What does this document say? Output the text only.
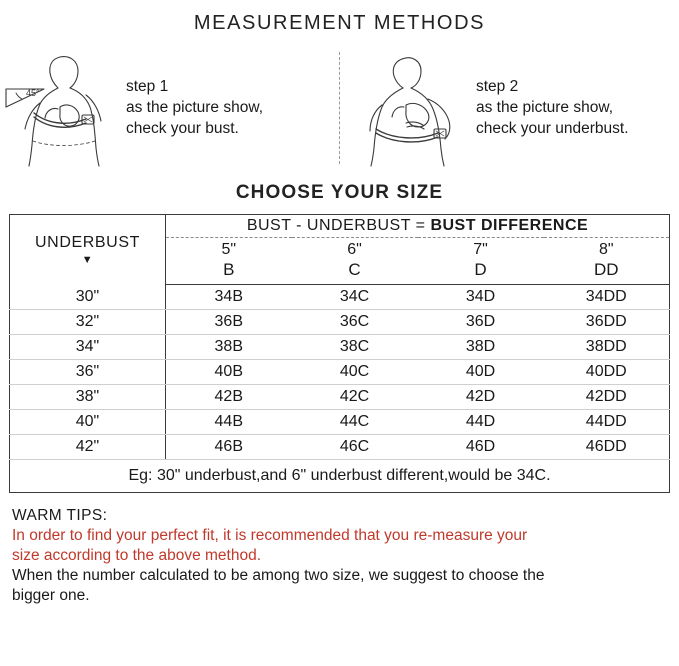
MEASUREMENT METHODS
45°	step 1
as the picture show,
check your bust.
step 2
as the picture show,
check your underbust.
CHOOSE YOUR SIZE
UNDERBUST
▼	BUST - UNDERBUST = BUST DIFFERENCE			
	5"	6"	7"	8"
	B	C	D	DD
30"	34B	34C	34D	34DD
32"	36B	36C	36D	36DD
34"	38B	38C	38D	38DD
36"	40B	40C	40D	40DD
38"	42B	42C	42D	42DD
40"	44B	44C	44D	44DD
42"	46B	46C	46D	46DD
Eg: 30" underbust,and 6" underbust different,would be 34C.				
WARM TIPS:
In order to find your perfect fit, it is recommended that you re-measure your
size according to the above method.
When the number calculated to be among two size, we suggest to choose the
bigger one.
